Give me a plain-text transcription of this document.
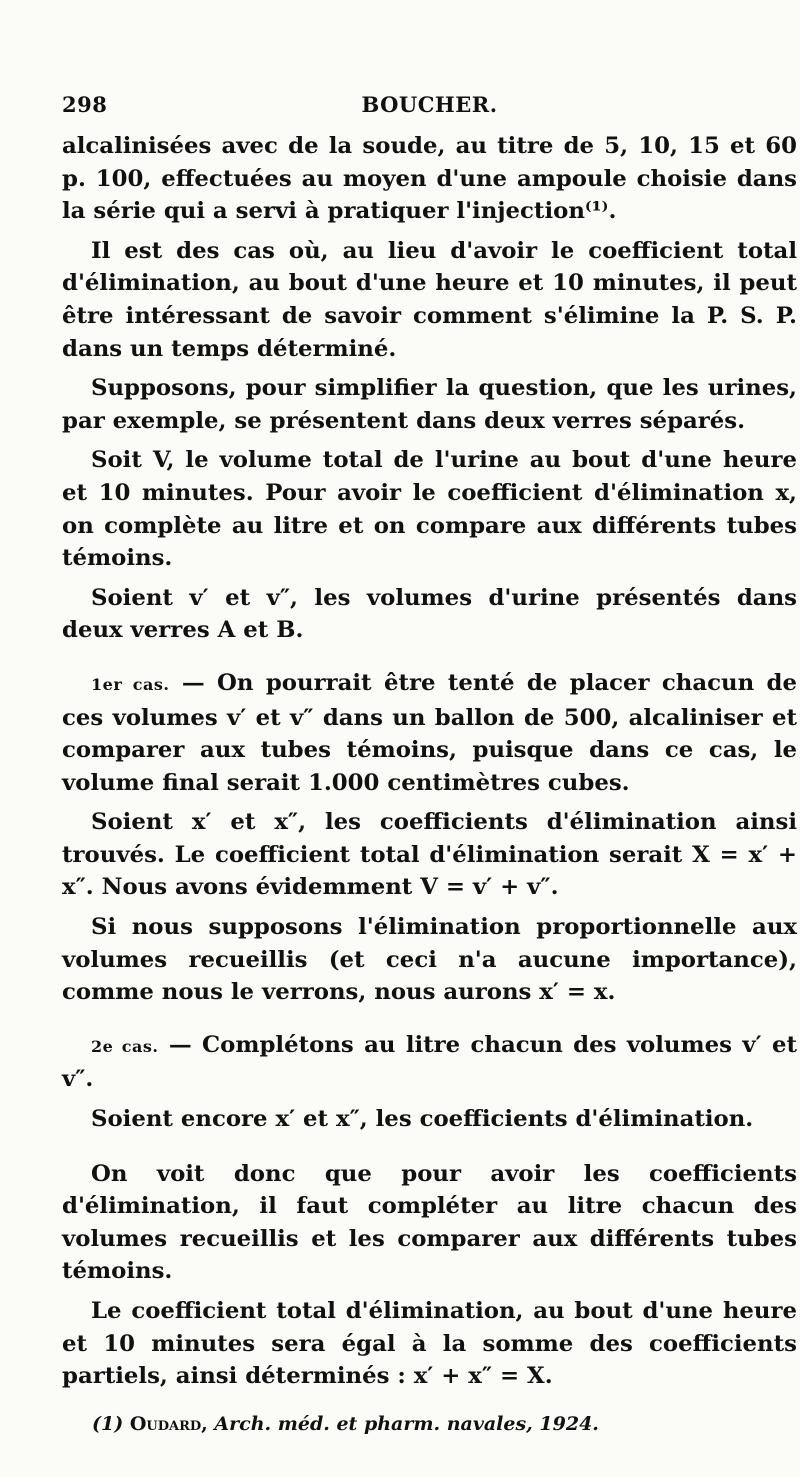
298	BOUCHER.

alcalinisées avec de la soude, au titre de 5, 10, 15 et 60 p. 100, effectuées au moyen d'une ampoule choisie dans la série qui a servi à pratiquer l'injection⁽¹⁾.

Il est des cas où, au lieu d'avoir le coefficient total d'élimination, au bout d'une heure et 10 minutes, il peut être intéressant de savoir comment s'élimine la P. S. P. dans un temps déterminé.

Supposons, pour simplifier la question, que les urines, par exemple, se présentent dans deux verres séparés.

Soit V, le volume total de l'urine au bout d'une heure et 10 minutes. Pour avoir le coefficient d'élimination x, on complète au litre et on compare aux différents tubes témoins.

Soient v′ et v″, les volumes d'urine présentés dans deux verres A et B.

1er cas. — On pourrait être tenté de placer chacun de ces volumes v′ et v″ dans un ballon de 500, alcaliniser et comparer aux tubes témoins, puisque dans ce cas, le volume final serait 1.000 centimètres cubes.

Soient x′ et x″, les coefficients d'élimination ainsi trouvés. Le coefficient total d'élimination serait X = x′ + x″. Nous avons évidemment V = v′ + v″.

Si nous supposons l'élimination proportionnelle aux volumes recueillis (et ceci n'a aucune importance), comme nous le verrons, nous aurons x′ = x.

2e cas. — Complétons au litre chacun des volumes v′ et v″.

Soient encore x′ et x″, les coefficients d'élimination.

On voit donc que pour avoir les coefficients d'élimination, il faut compléter au litre chacun des volumes recueillis et les comparer aux différents tubes témoins.

Le coefficient total d'élimination, au bout d'une heure et 10 minutes sera égal à la somme des coefficients partiels, ainsi déterminés : x′ + x″ = X.

(1) Oudard, Arch. méd. et pharm. navales, 1924.
